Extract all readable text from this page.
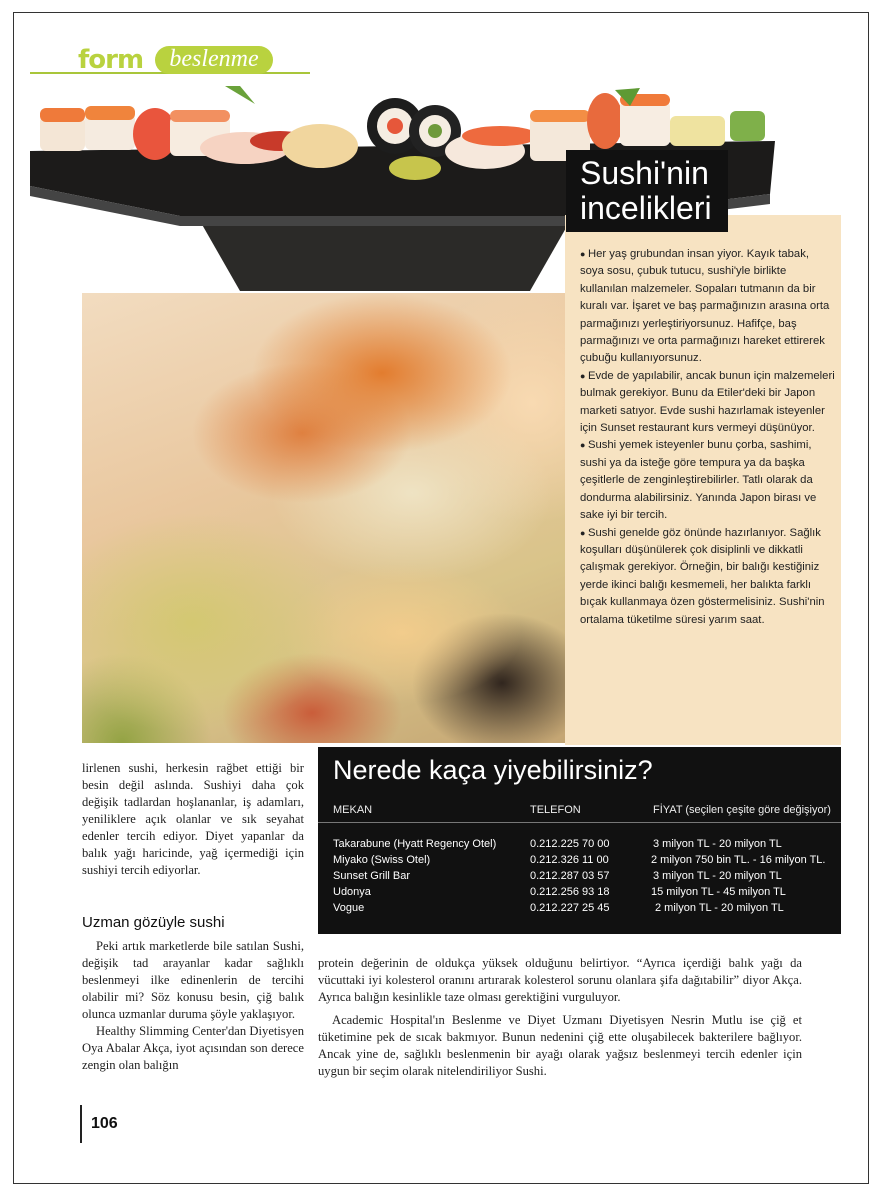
form	beslenme
Sushi'nin
incelikleri

● Her yaş grubundan insan yiyor. Kayık tabak, soya sosu, çubuk tutucu, sushi'yle birlikte kullanılan malzemeler. Sopaları tutmanın da bir kuralı var. İşaret ve baş parmağınızın arasına orta parmağınızı yerleştiriyorsunuz. Hafifçe, baş parmağınızı ve orta parmağınızı hareket ettirerek çubuğu kullanıyorsunuz.

● Evde de yapılabilir, ancak bunun için malzemeleri bulmak gerekiyor. Bunu da Etiler'deki bir Japon marketi satıyor. Evde sushi hazırlamak isteyenler için Sunset restaurant kurs vermeyi düşünüyor.

● Sushi yemek isteyenler bunu çorba, sashimi, sushi ya da isteğe göre tempura ya da başka çeşitlerle de zenginleştirebilirler. Tatlı olarak da dondurma alabilirsiniz. Yanında Japon birası ve sake iyi bir tercih.

● Sushi genelde göz önünde hazırlanıyor. Sağlık koşulları düşünülerek çok disiplinli ve dikkatli çalışmak gerekiyor. Örneğin, bir balığı kestiğiniz yerde ikinci balığı kesmemeli, her balıkta farklı bıçak kullanmaya özen göstermelisiniz. Sushi'nin ortalama tüketilme süresi yarım saat.

Nerede kaça yiyebilirsiniz?
MEKAN	TELEFON	FİYAT (seçilen çeşite göre değişiyor)
Takarabune (Hyatt Regency Otel)	0.212.225 70 00	3 milyon TL - 20 milyon TL
Miyako (Swiss Otel)	0.212.326 11 00	2 milyon 750 bin TL. - 16 milyon TL.
Sunset Grill Bar	0.212.287 03 57	3 milyon TL - 20 milyon TL
Udonya	0.212.256 93 18	15 milyon TL - 45 milyon TL
Vogue	0.212.227 25 45	2 milyon TL - 20 milyon TL

lirlenen sushi, herkesin rağbet ettiği bir besin değil aslında. Sushiyi daha çok değişik tadlardan hoşlananlar, iş adamları, yeniliklere açık olanlar ve sık seyahat edenler tercih ediyor. Diyet yapanlar da balık yağı haricinde, yağ içermediği için sushiyi tercih ediyorlar.

Uzman gözüyle sushi

Peki artık marketlerde bile satılan Sushi, değişik tad arayanlar kadar sağlıklı beslenmeyi ilke edinenlerin de tercihi olabilir mi? Söz konusu besin, çiğ balık olunca uzmanlar duruma şöyle yaklaşıyor.

Healthy Slimming Center'dan Diyetisyen Oya Abalar Akça, iyot açısından son derece zengin olan balığın

protein değerinin de oldukça yüksek olduğunu belirtiyor. “Ayrıca içerdiği balık yağı da vücuttaki iyi kolesterol oranını artırarak kolesterol sorunu olanlara şifa dağıtabilir” diyor Akça. Ayrıca balığın kesinlikle taze olması gerektiğini vurguluyor.

Academic Hospital'ın Beslenme ve Diyet Uzmanı Diyetisyen Nesrin Mutlu ise çiğ et tüketimine pek de sıcak bakmıyor. Bunun nedenini çiğ ette oluşabilecek bakterilere bağlıyor. Ancak yine de, sağlıklı beslenmenin bir ayağı olarak yağsız beslenmeyi tercih edenler için uygun bir seçim olarak nitelendiriliyor Sushi.

106
